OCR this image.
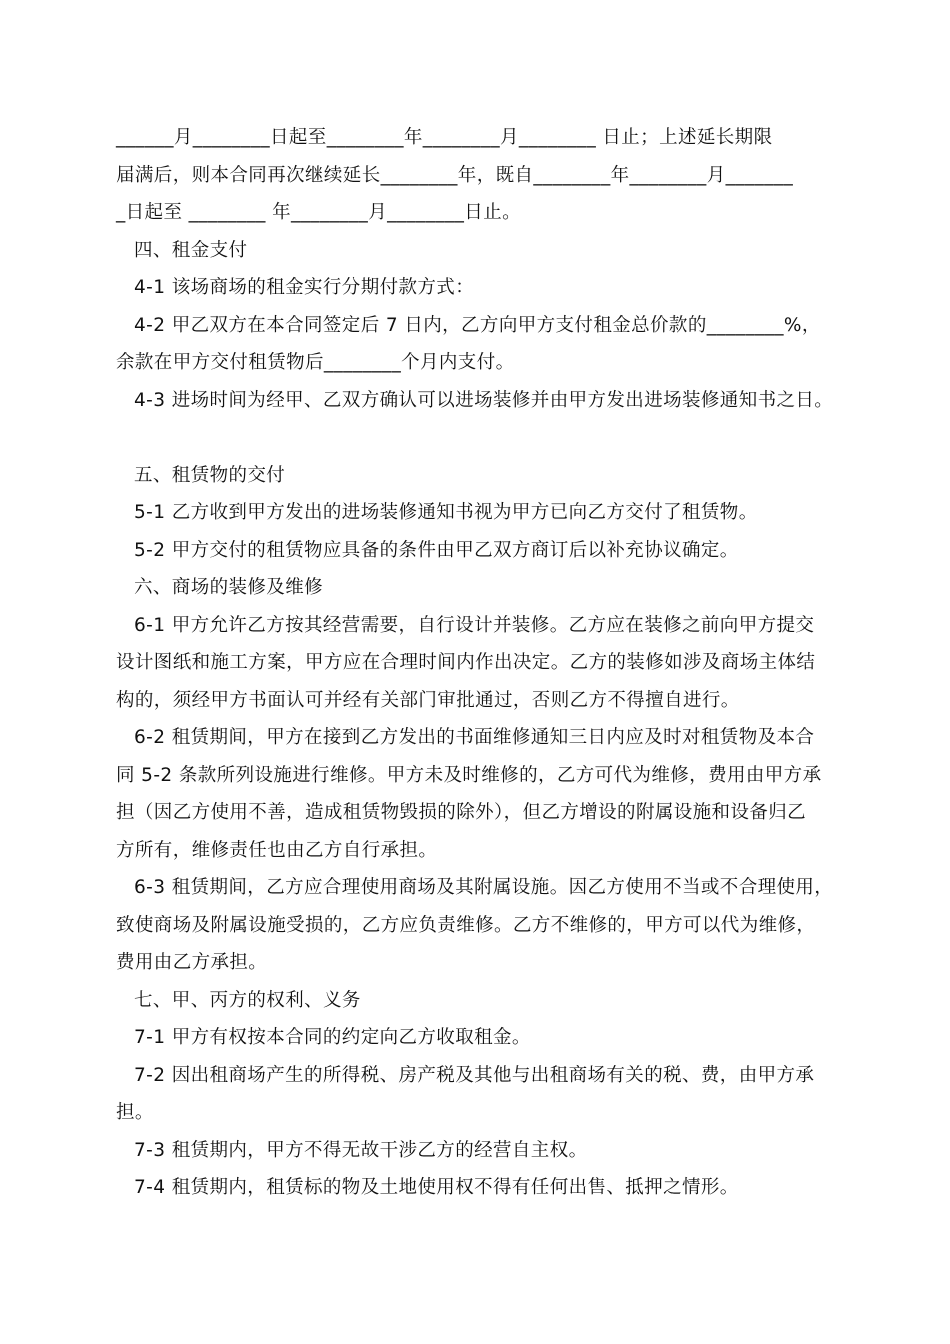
______月________日起至________年________月________ 日止；上述延长期限
届满后，则本合同再次继续延长________年，既自________年________月_______
_日起至 ________ 年________月________日止。
四、租金支付
4-1 该场商场的租金实行分期付款方式：
4-2 甲乙双方在本合同签定后 7 日内，乙方向甲方支付租金总价款的________%，
余款在甲方交付租赁物后________个月内支付。
4-3 进场时间为经甲、乙双方确认可以进场装修并由甲方发出进场装修通知书之日。
五、租赁物的交付
5-1 乙方收到甲方发出的进场装修通知书视为甲方已向乙方交付了租赁物。
5-2 甲方交付的租赁物应具备的条件由甲乙双方商订后以补充协议确定。
六、商场的装修及维修
6-1 甲方允许乙方按其经营需要，自行设计并装修。乙方应在装修之前向甲方提交
设计图纸和施工方案，甲方应在合理时间内作出决定。乙方的装修如涉及商场主体结
构的，须经甲方书面认可并经有关部门审批通过，否则乙方不得擅自进行。
6-2 租赁期间，甲方在接到乙方发出的书面维修通知三日内应及时对租赁物及本合
同 5-2 条款所列设施进行维修。甲方未及时维修的，乙方可代为维修，费用由甲方承
担（因乙方使用不善，造成租赁物毁损的除外），但乙方增设的附属设施和设备归乙
方所有，维修责任也由乙方自行承担。
6-3 租赁期间，乙方应合理使用商场及其附属设施。因乙方使用不当或不合理使用，
致使商场及附属设施受损的，乙方应负责维修。乙方不维修的，甲方可以代为维修，
费用由乙方承担。
七、甲、丙方的权利、义务
7-1 甲方有权按本合同的约定向乙方收取租金。
7-2 因出租商场产生的所得税、房产税及其他与出租商场有关的税、费，由甲方承
担。
7-3 租赁期内，甲方不得无故干涉乙方的经营自主权。
7-4 租赁期内，租赁标的物及土地使用权不得有任何出售、抵押之情形。
